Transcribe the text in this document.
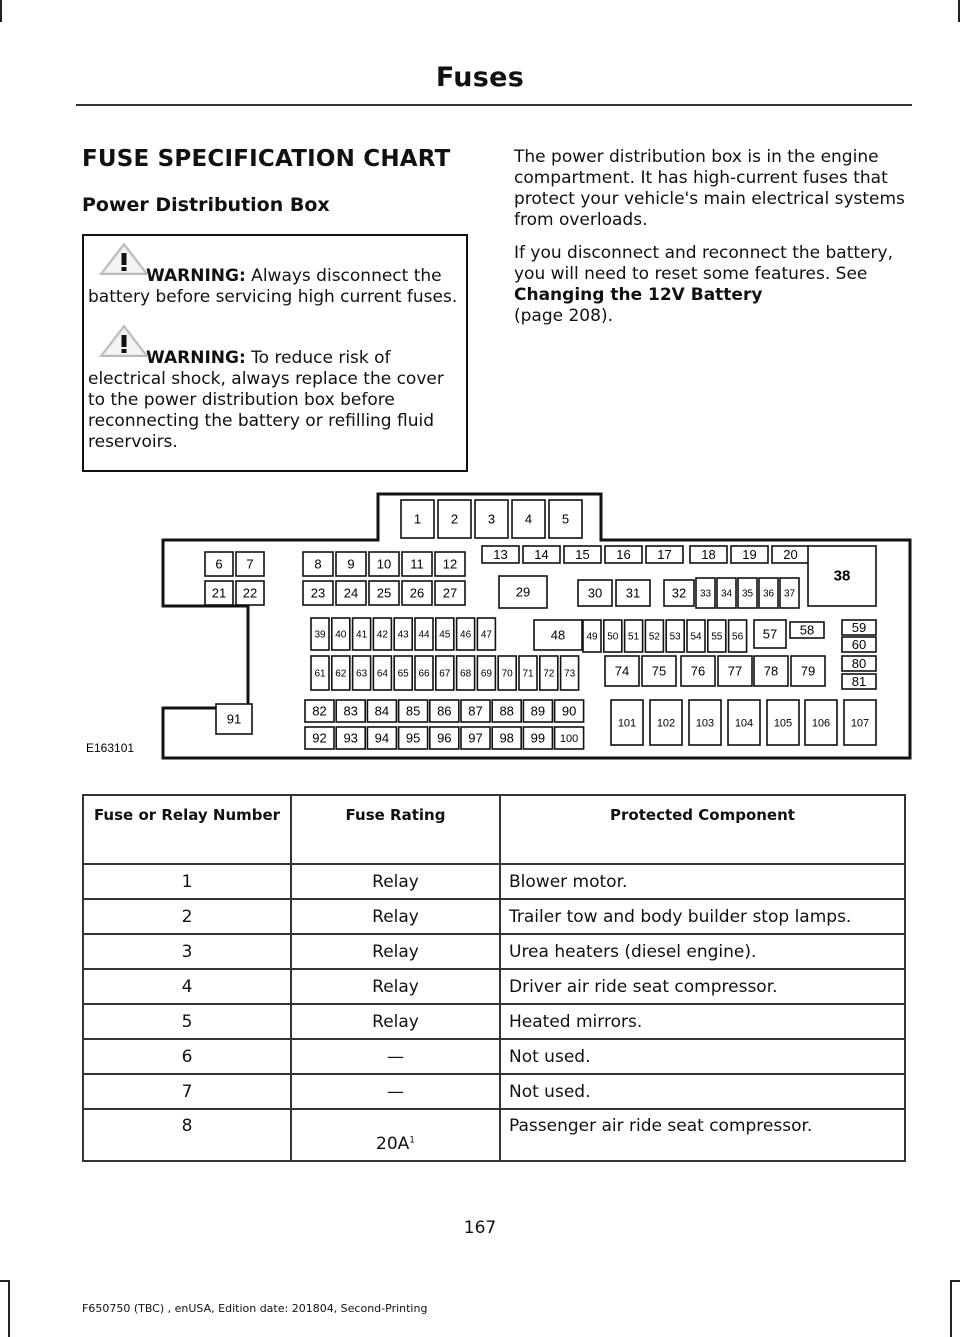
Fuses
FUSE SPECIFICATION CHART
Power Distribution Box
WARNING: Always disconnect the battery before servicing high current fuses.
WARNING: To reduce risk of electrical shock, always replace the cover to the power distribution box before reconnecting the battery or refilling fluid reservoirs.

The power distribution box is in the engine compartment. It has high-current fuses that protect your vehicle's main electrical systems from overloads.

If you disconnect and reconnect the battery, you will need to reset some features. See Changing the 12V Battery
(page 208).

E163101
1 2 3 4 5
6 7	8 9 10 11 12
13 14 15 16 17 18 19 20
21 22	23 24 25 26 27	29	30 31 32 33 34 35 36 37
38
39 40 41 42 43 44 45 46 47	48 49 50 51 52 53 54 55 56 57 58	59
60
61 62 63 64 65 66 67 68 69 70 71 72 73	74 75 76 77 78 79	80
81
82 83 84 85 86 87 88 89 90
91
92 93 94 95 96 97 98 99 100
101 102 103 104 105 106 107
Fuse or Relay Number	Fuse Rating	Protected Component
1	Relay	Blower motor.
2	Relay	Trailer tow and body builder stop lamps.
3	Relay	Urea heaters (diesel engine).
4	Relay	Driver air ride seat compressor.
5	Relay	Heated mirrors.
6	—	Not used.
7	—	Not used.
8	$20A^1$	Passenger air ride seat compressor.
167
F650750 (TBC) , enUSA, Edition date: 201804, Second-Printing
